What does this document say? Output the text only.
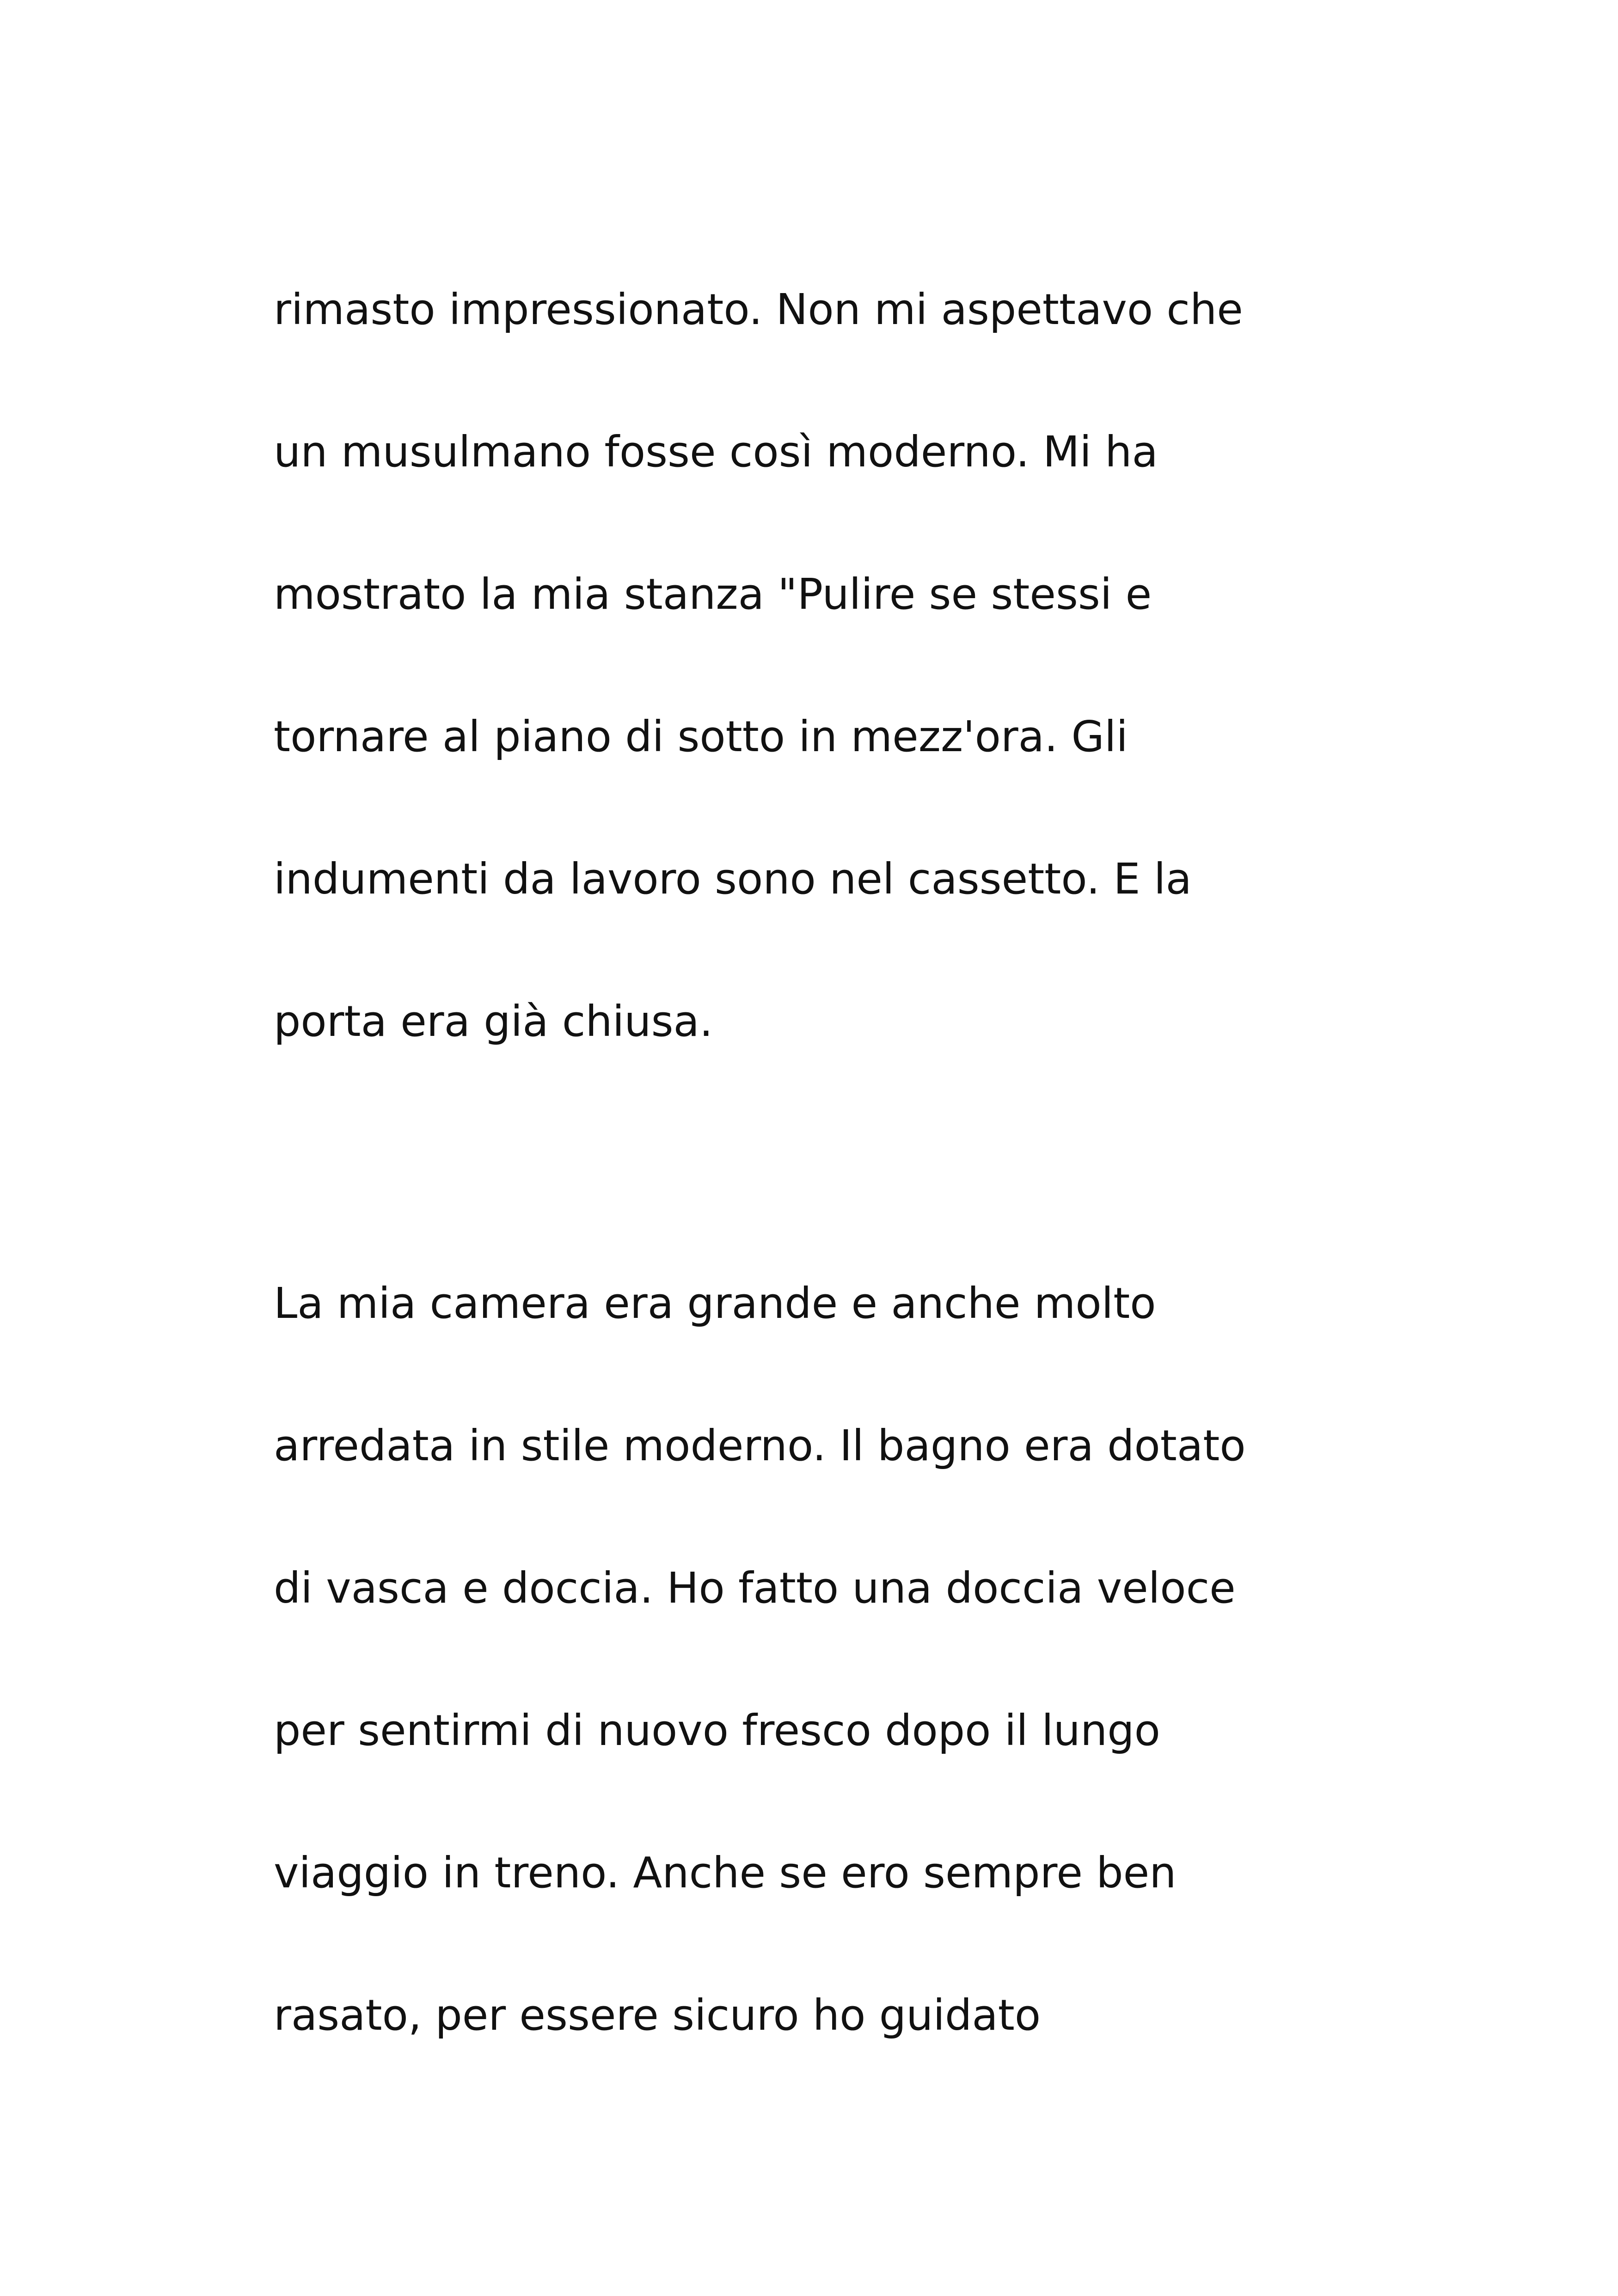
rimasto impressionato. Non mi aspettavo che
un musulmano fosse così moderno. Mi ha
mostrato la mia stanza "Pulire se stessi e
tornare al piano di sotto in mezz'ora. Gli
indumenti da lavoro sono nel cassetto. E la
porta era già chiusa.
La mia camera era grande e anche molto
arredata in stile moderno. Il bagno era dotato
di vasca e doccia. Ho fatto una doccia veloce
per sentirmi di nuovo fresco dopo il lungo
viaggio in treno. Anche se ero sempre ben
rasato, per essere sicuro ho guidato
